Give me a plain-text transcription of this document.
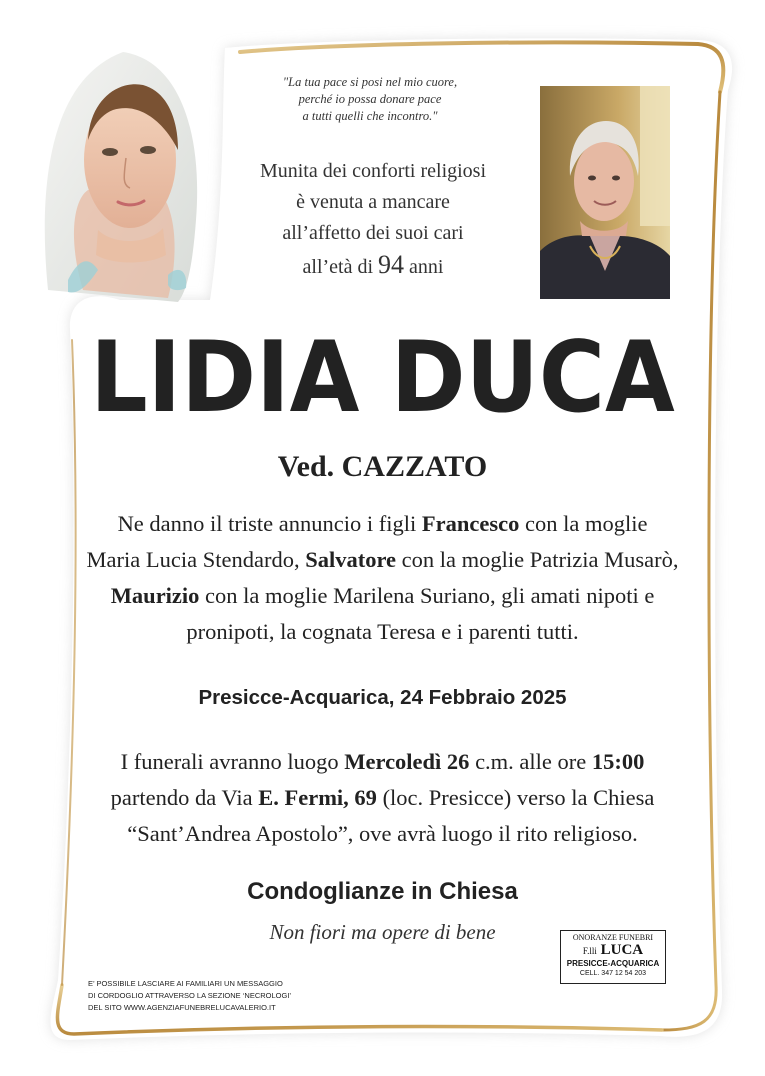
"La tua pace si posi nel mio cuore,
perché io possa donare pace
a tutti quelli che incontro."
Munita dei conforti religiosi
è venuta a mancare
all’affetto dei suoi cari
all’età di 94 anni
LIDIA DUCA
Ved. CAZZATO
Ne danno il triste annuncio i figli Francesco con la moglie
Maria Lucia Stendardo, Salvatore con la moglie Patrizia Musarò,
Maurizio con la moglie Marilena Suriano, gli amati nipoti e
pronipoti, la cognata Teresa e i parenti tutti.
Presicce-Acquarica, 24 Febbraio 2025
I funerali avranno luogo Mercoledì 26 c.m. alle ore 15:00
partendo da Via E. Fermi, 69 (loc. Presicce) verso la Chiesa
“Sant’Andrea Apostolo”, ove avrà luogo il rito religioso.
Condoglianze in Chiesa
Non fiori ma opere di bene
E’ POSSIBILE LASCIARE AI FAMILIARI UN MESSAGGIO
DI CORDOGLIO ATTRAVERSO LA SEZIONE ‘NECROLOGI’
DEL SITO WWW.AGENZIAFUNEBRELUCAVALERIO.IT
ONORANZE FUNEBRI
F.lli LUCA
PRESICCE-ACQUARICA
CELL. 347 12 54 203
